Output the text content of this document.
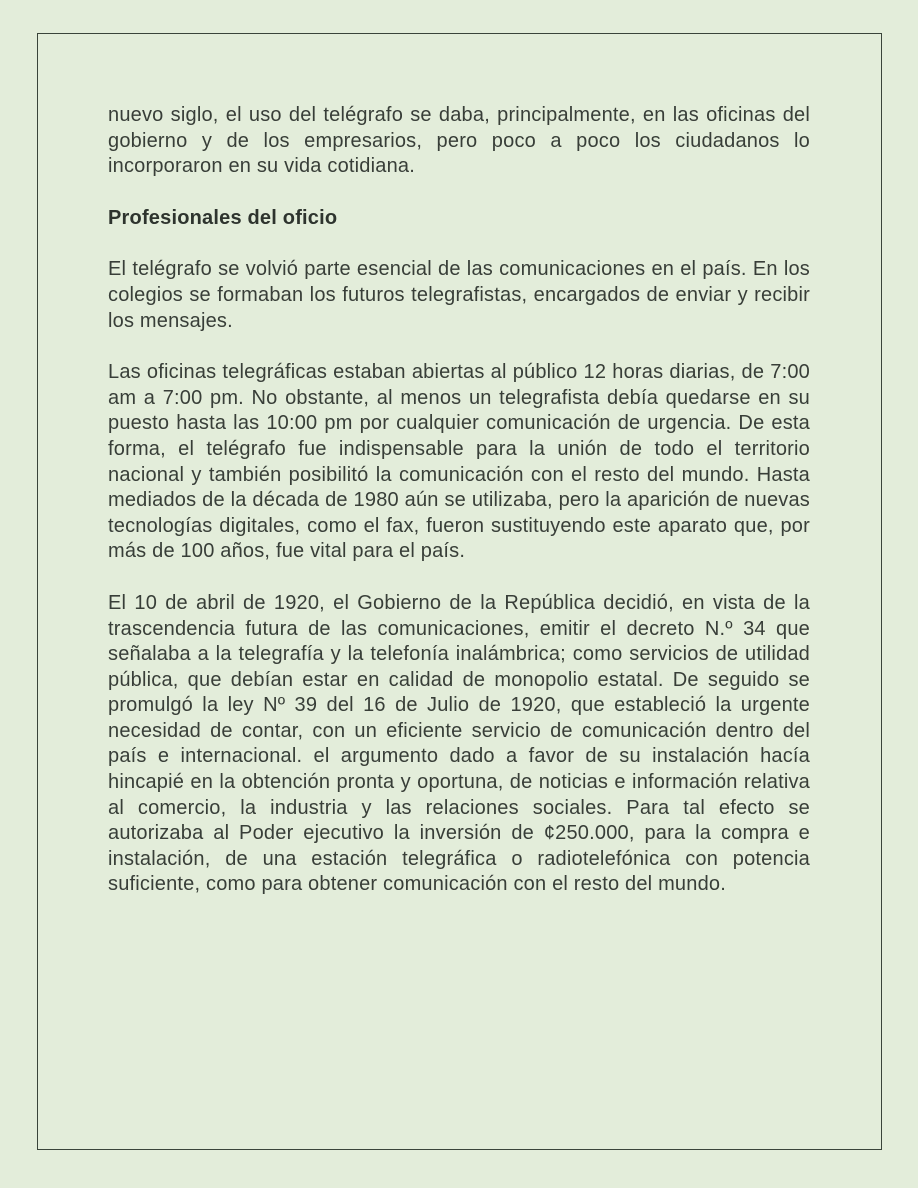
nuevo siglo, el uso del telégrafo se daba, principalmente, en las oficinas del gobierno y de los empresarios, pero poco a poco los ciudadanos lo incorporaron en su vida cotidiana.

Profesionales del oficio

El telégrafo se volvió parte esencial de las comunicaciones en el país. En los colegios se formaban los futuros telegrafistas, encargados de enviar y recibir los mensajes.

Las oficinas telegráficas estaban abiertas al público 12 horas diarias, de 7:00 am a 7:00 pm. No obstante, al menos un telegrafista debía quedarse en su puesto hasta las 10:00 pm por cualquier comunicación de urgencia. De esta forma, el telégrafo fue indispensable para la unión de todo el territorio nacional y también posibilitó la comunicación con el resto del mundo. Hasta mediados de la década de 1980 aún se utilizaba, pero la aparición de nuevas tecnologías digitales, como el fax, fueron sustituyendo este aparato que, por más de 100 años, fue vital para el país.

El 10 de abril de 1920, el Gobierno de la República decidió, en vista de la trascendencia futura de las comunicaciones, emitir el decreto N.º 34 que señalaba a la telegrafía y la telefonía inalámbrica; como servicios de utilidad pública, que debían estar en calidad de monopolio estatal. De seguido se promulgó la ley Nº 39 del 16 de Julio de 1920, que estableció la urgente necesidad de contar, con un eficiente servicio de comunicación dentro del país e internacional. el argumento dado a favor de su instalación hacía hincapié en la obtención pronta y oportuna, de noticias e información relativa al comercio, la industria y las relaciones sociales. Para tal efecto se autorizaba al Poder ejecutivo la inversión de ¢250.000, para la compra e instalación, de una estación telegráfica o radiotelefónica con potencia suficiente, como para obtener comunicación con el resto del mundo.
